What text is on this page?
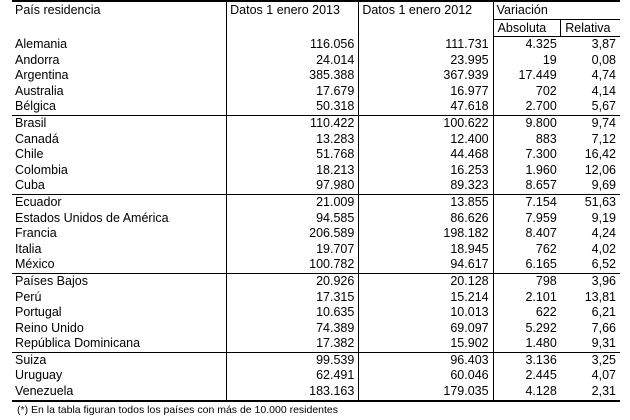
País residencia	Datos 1 enero 2013	Datos 1 enero 2012	Variación	
			Absoluta	Relativa
Alemania	116.056	111.731	4.325	3,87
Andorra	24.014	23.995	19	0,08
Argentina	385.388	367.939	17.449	4,74
Australia	17.679	16.977	702	4,14
Bélgica	50.318	47.618	2.700	5,67
Brasil	110.422	100.622	9.800	9,74
Canadá	13.283	12.400	883	7,12
Chile	51.768	44.468	7.300	16,42
Colombia	18.213	16.253	1.960	12,06
Cuba	97.980	89.323	8.657	9,69
Ecuador	21.009	13.855	7.154	51,63
Estados Unidos de América	94.585	86.626	7.959	9,19
Francia	206.589	198.182	8.407	4,24
Italia	19.707	18.945	762	4,02
México	100.782	94.617	6.165	6,52
Países Bajos	20.926	20.128	798	3,96
Perú	17.315	15.214	2.101	13,81
Portugal	10.635	10.013	622	6,21
Reino Unido	74.389	69.097	5.292	7,66
República Dominicana	17.382	15.902	1.480	9,31
Suiza	99.539	96.403	3.136	3,25
Uruguay	62.491	60.046	2.445	4,07
Venezuela	183.163	179.035	4.128	2,31
(*) En la tabla figuran todos los países con más de 10.000 residentes
